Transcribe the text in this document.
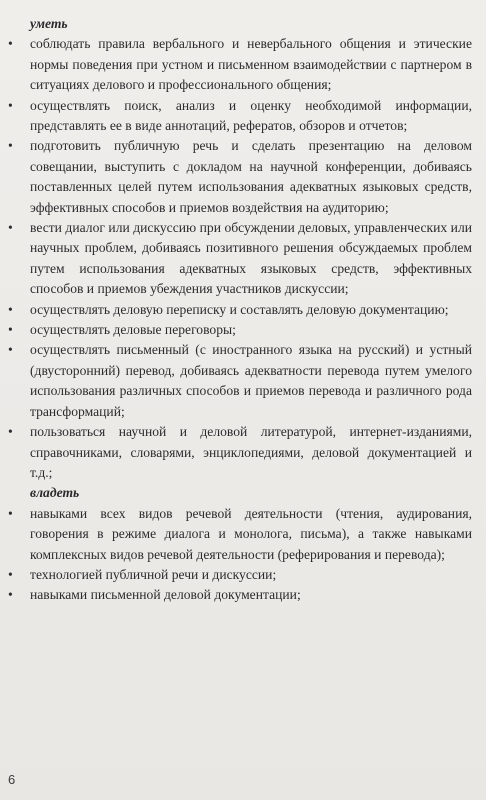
уметь

•	соблюдать правила вербального и невербального общения и этические нормы поведения при устном и письменном взаимодействии с партнером в ситуациях делового и профессионального общения;
•	осуществлять поиск, анализ и оценку необходимой информации, представлять ее в виде аннотаций, рефератов, обзоров и отчетов;
•	подготовить публичную речь и сделать презентацию на деловом совещании, выступить с докладом на научной конференции, добиваясь поставленных целей путем использования адекватных языковых средств, эффективных способов и приемов воздействия на аудиторию;
•	вести диалог или дискуссию при обсуждении деловых, управленческих или научных проблем, добиваясь позитивного решения обсуждаемых проблем путем использования адекватных языковых средств, эффективных способов и приемов убеждения участников дискуссии;
•	осуществлять деловую переписку и составлять деловую документацию;
•	осуществлять деловые переговоры;
•	осуществлять письменный (с иностранного языка на русский) и устный (двусторонний) перевод, добиваясь адекватности перевода путем умелого использования различных способов и приемов перевода и различного рода трансформаций;
•	пользоваться научной и деловой литературой, интернет-изданиями, справочниками, словарями, энциклопедиями, деловой документацией и т.д.;

владеть

•	навыками всех видов речевой деятельности (чтения, аудирования, говорения в режиме диалога и монолога, письма), а также навыками комплексных видов речевой деятельности (реферирования и перевода);
•	технологией публичной речи и дискуссии;
•	навыками письменной деловой документации;
6
